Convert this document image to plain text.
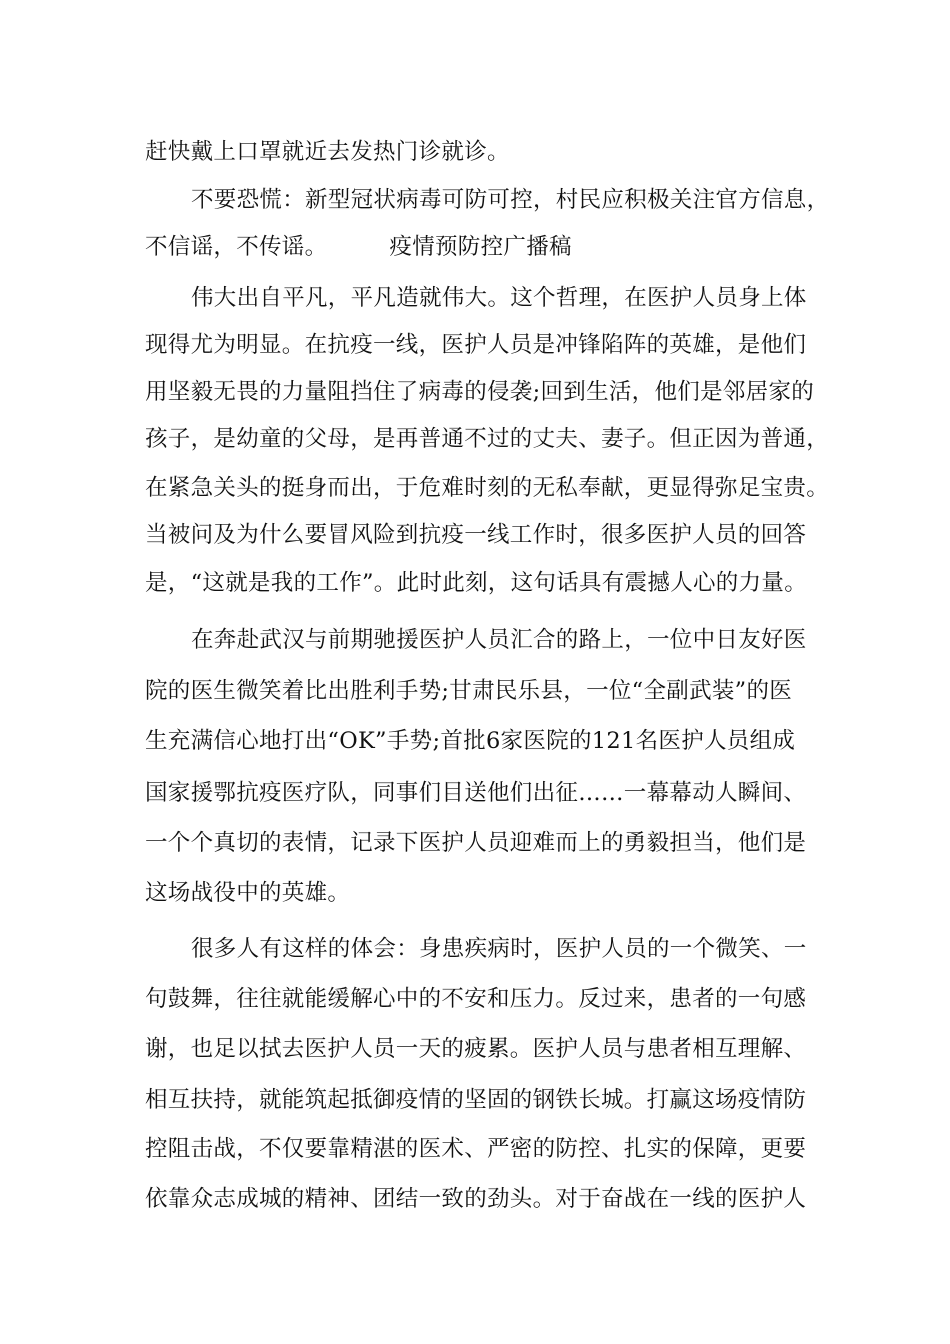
赶快戴上口罩就近去发热门诊就诊。
不要恐慌：新型冠状病毒可防可控，村民应积极关注官方信息，
不信谣，不传谣。	疫情预防控广播稿
伟大出自平凡，平凡造就伟大。这个哲理，在医护人员身上体
现得尤为明显。在抗疫一线，医护人员是冲锋陷阵的英雄，是他们
用坚毅无畏的力量阻挡住了病毒的侵袭;回到生活，他们是邻居家的
孩子，是幼童的父母，是再普通不过的丈夫、妻子。但正因为普通，
在紧急关头的挺身而出，于危难时刻的无私奉献，更显得弥足宝贵。
当被问及为什么要冒风险到抗疫一线工作时，很多医护人员的回答
是，“这就是我的工作”。此时此刻，这句话具有震撼人心的力量。
在奔赴武汉与前期驰援医护人员汇合的路上，一位中日友好医
院的医生微笑着比出胜利手势;甘肃民乐县，一位“全副武装”的医
生充满信心地打出“OK”手势;首批6家医院的121名医护人员组成
国家援鄂抗疫医疗队，同事们目送他们出征……一幕幕动人瞬间、
一个个真切的表情，记录下医护人员迎难而上的勇毅担当，他们是
这场战役中的英雄。
很多人有这样的体会：身患疾病时，医护人员的一个微笑、一
句鼓舞，往往就能缓解心中的不安和压力。反过来，患者的一句感
谢，也足以拭去医护人员一天的疲累。医护人员与患者相互理解、
相互扶持，就能筑起抵御疫情的坚固的钢铁长城。打赢这场疫情防
控阻击战，不仅要靠精湛的医术、严密的防控、扎实的保障，更要
依靠众志成城的精神、团结一致的劲头。对于奋战在一线的医护人
